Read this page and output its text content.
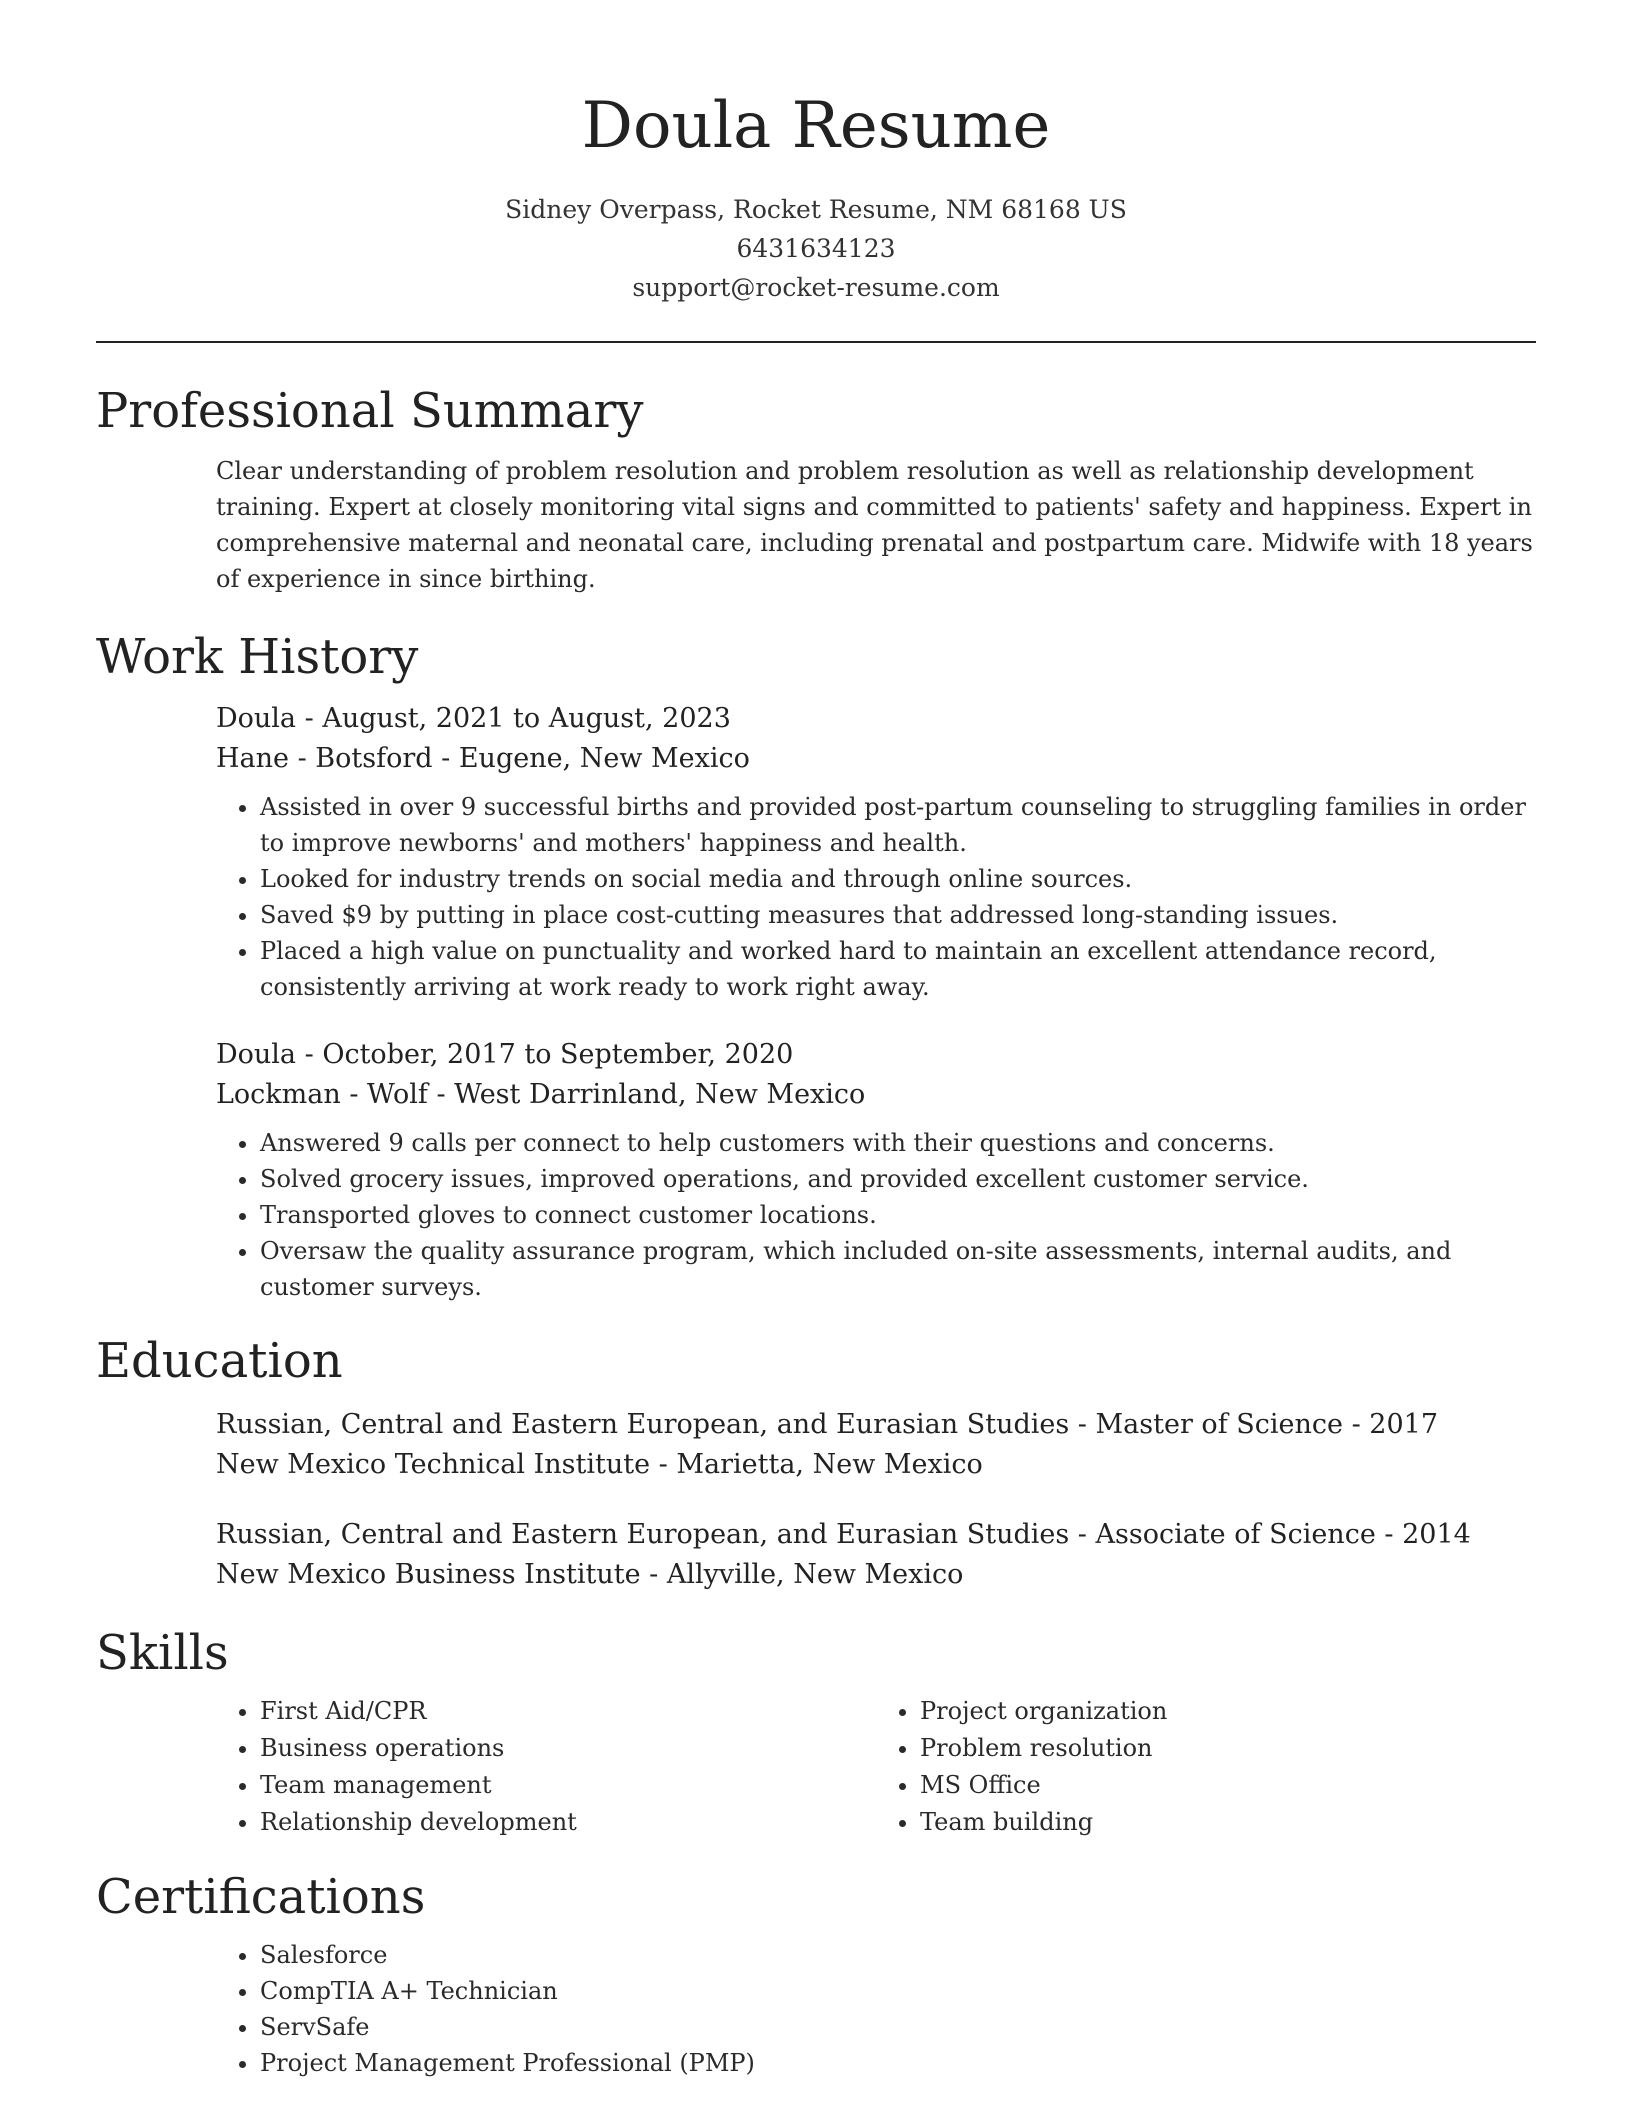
Doula Resume
Sidney Overpass, Rocket Resume, NM 68168 US
6431634123
support@rocket-resume.com
Professional Summary

Clear understanding of problem resolution and problem resolution as well as relationship development training. Expert at closely monitoring vital signs and committed to patients' safety and happiness. Expert in comprehensive maternal and neonatal care, including prenatal and postpartum care. Midwife with 18 years of experience in since birthing.

Work History

Doula - August, 2021 to August, 2023

Hane - Botsford - Eugene, New Mexico

• Assisted in over 9 successful births and provided post-partum counseling to struggling families in order to improve newborns' and mothers' happiness and health.
• Looked for industry trends on social media and through online sources.
• Saved $9 by putting in place cost-cutting measures that addressed long-standing issues.
• Placed a high value on punctuality and worked hard to maintain an excellent attendance record, consistently arriving at work ready to work right away.

Doula - October, 2017 to September, 2020

Lockman - Wolf - West Darrinland, New Mexico

• Answered 9 calls per connect to help customers with their questions and concerns.
• Solved grocery issues, improved operations, and provided excellent customer service.
• Transported gloves to connect customer locations.
• Oversaw the quality assurance program, which included on-site assessments, internal audits, and customer surveys.
Education

Russian, Central and Eastern European, and Eurasian Studies - Master of Science - 2017

New Mexico Technical Institute - Marietta, New Mexico

Russian, Central and Eastern European, and Eurasian Studies - Associate of Science - 2014

New Mexico Business Institute - Allyville, New Mexico

Skills
• First Aid/CPR
• Business operations
• Team management
• Relationship development
• Project organization
• Problem resolution
• MS Office
• Team building
Certifications
• Salesforce
• CompTIA A+ Technician
• ServSafe
• Project Management Professional (PMP)
